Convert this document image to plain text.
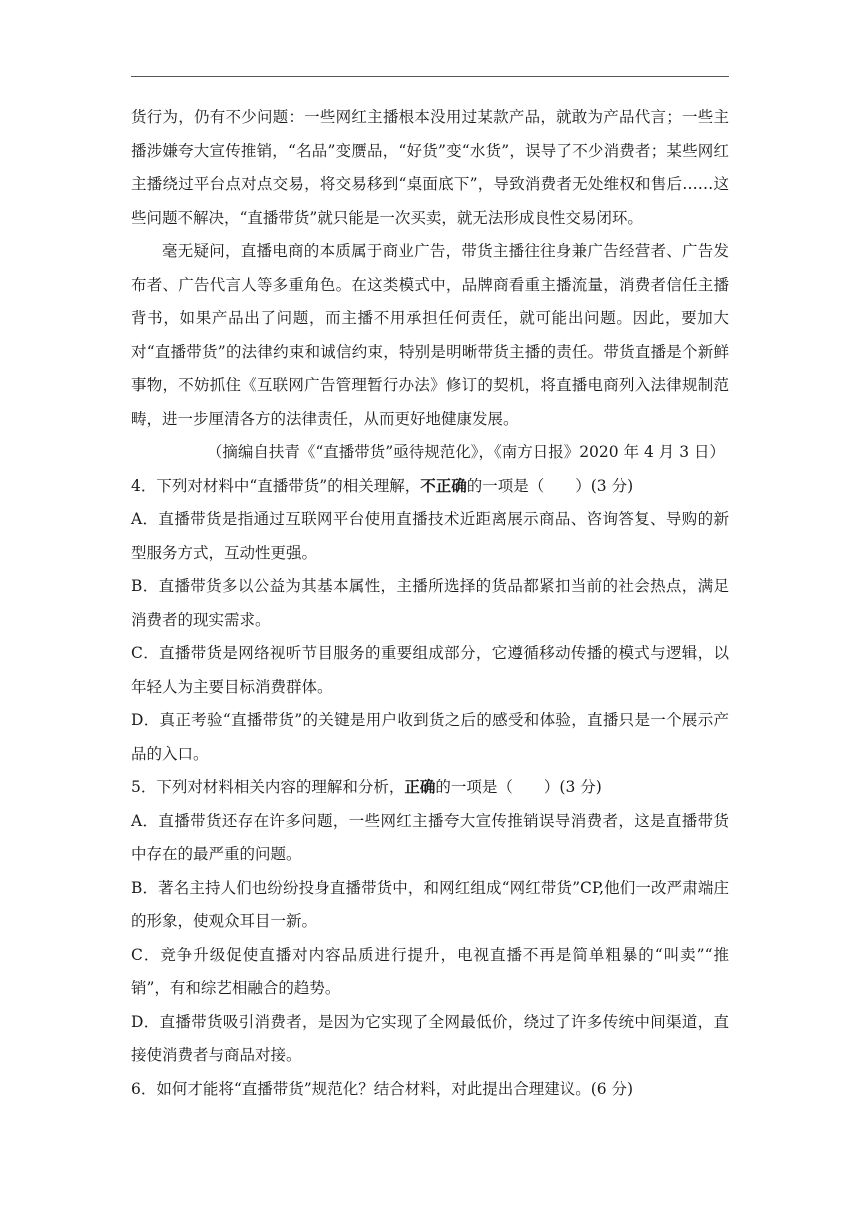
货行为，仍有不少问题：一些网红主播根本没用过某款产品，就敢为产品代言；一些主播涉嫌夸大宣传推销，“名品”变赝品，“好货”变“水货”，误导了不少消费者；某些网红主播绕过平台点对点交易，将交易移到“桌面底下”，导致消费者无处维权和售后……这些问题不解决，“直播带货”就只能是一次买卖，就无法形成良性交易闭环。

毫无疑问，直播电商的本质属于商业广告，带货主播往往身兼广告经营者、广告发布者、广告代言人等多重角色。在这类模式中，品牌商看重主播流量，消费者信任主播背书，如果产品出了问题，而主播不用承担任何责任，就可能出问题。因此，要加大对“直播带货”的法律约束和诚信约束，特别是明晰带货主播的责任。带货直播是个新鲜事物，不妨抓住《互联网广告管理暂行办法》修订的契机，将直播电商列入法律规制范畴，进一步厘清各方的法律责任，从而更好地健康发展。

（摘编自扶青《“直播带货”亟待规范化》，《南方日报》2020 年 4 月 3 日）

4．下列对材料中“直播带货”的相关理解，不正确的一项是（　　）(3 分)

A．直播带货是指通过互联网平台使用直播技术近距离展示商品、咨询答复、导购的新型服务方式，互动性更强。

B．直播带货多以公益为其基本属性，主播所选择的货品都紧扣当前的社会热点，满足消费者的现实需求。

C．直播带货是网络视听节目服务的重要组成部分，它遵循移动传播的模式与逻辑，以年轻人为主要目标消费群体。

D．真正考验“直播带货”的关键是用户收到货之后的感受和体验，直播只是一个展示产品的入口。

5．下列对材料相关内容的理解和分析，正确的一项是（　　）(3 分)

A．直播带货还存在许多问题，一些网红主播夸大宣传推销误导消费者，这是直播带货中存在的最严重的问题。

B．著名主持人们也纷纷投身直播带货中，和网红组成“网红带货”CP,他们一改严肃端庄的形象，使观众耳目一新。

C．竞争升级促使直播对内容品质进行提升，电视直播不再是简单粗暴的“叫卖”“推销”，有和综艺相融合的趋势。

D．直播带货吸引消费者，是因为它实现了全网最低价，绕过了许多传统中间渠道，直接使消费者与商品对接。

6．如何才能将“直播带货”规范化？结合材料，对此提出合理建议。(6 分)
